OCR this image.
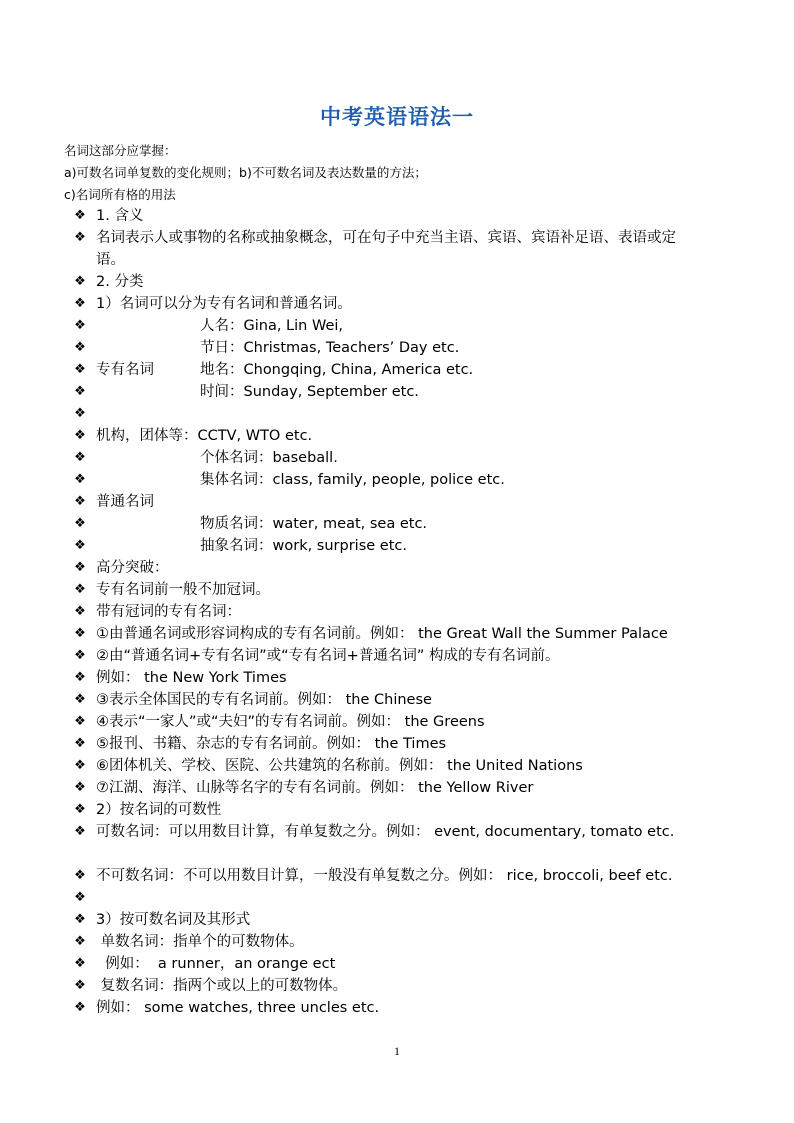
中考英语语法一
名词这部分应掌握：
a)可数名词单复数的变化规则；b)不可数名词及表达数量的方法；
c)名词所有格的用法
❖ 1. 含义
❖ 名词表示人或事物的名称或抽象概念，可在句子中充当主语、宾语、宾语补足语、表语或定
语。
❖ 2. 分类
❖ 1）名词可以分为专有名词和普通名词。
❖	人名：Gina, Lin Wei,
❖	节日：Christmas, Teachers’ Day etc.
❖ 专有名词	地名：Chongqing, China, America etc.
❖	时间：Sunday, September etc.
❖
❖ 机构，团体等：CCTV, WTO etc.
❖	个体名词：baseball.
❖	集体名词：class, family, people, police etc.
❖ 普通名词
❖	物质名词：water, meat, sea etc.
❖	抽象名词：work, surprise etc.
❖ 高分突破：
❖ 专有名词前一般不加冠词。
❖ 带有冠词的专有名词：
❖ ①由普通名词或形容词构成的专有名词前。例如： the Great Wall the Summer Palace
❖ ②由“普通名词+专有名词”或“专有名词+普通名词” 构成的专有名词前。
❖ 例如： the New York Times
❖ ③表示全体国民的专有名词前。例如： the Chinese
❖ ④表示“一家人”或“夫妇”的专有名词前。例如： the Greens
❖ ⑤报刊、书籍、杂志的专有名词前。例如： the Times
❖ ⑥团体机关、学校、医院、公共建筑的名称前。例如： the United Nations
❖ ⑦江湖、海洋、山脉等名字的专有名词前。例如： the Yellow River
❖ 2）按名词的可数性
❖ 可数名词：可以用数目计算，有单复数之分。例如： event, documentary, tomato etc.
❖ 不可数名词：不可以用数目计算，一般没有单复数之分。例如： rice, broccoli, beef etc.
❖
❖ 3）按可数名词及其形式
❖ 单数名词：指单个的可数物体。
❖ 例如：  a runner，an orange ect
❖ 复数名词：指两个或以上的可数物体。
❖ 例如： some watches, three uncles etc.
1
